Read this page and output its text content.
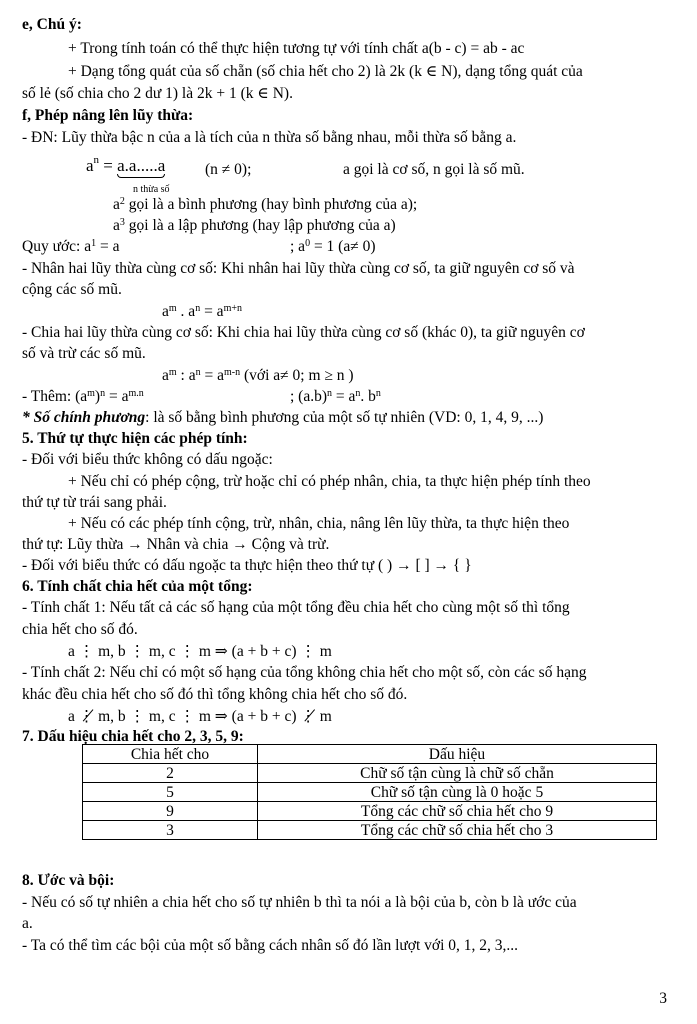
e, Chú ý:
+ Trong tính toán có thể thực hiện tương tự với tính chất a(b - c) = ab - ac
+ Dạng tổng quát của số chẵn (số chia hết cho 2) là 2k (k ∈ N), dạng tổng quát của
số lẻ (số chia cho 2 dư 1) là 2k + 1 (k ∈ N).
f, Phép nâng lên lũy thừa:
- ĐN: Lũy thừa bậc n của a là tích của n thừa số bằng nhau, mỗi thừa số bằng a.
$a^n = a.a.....a$
n thừa số
(n ≠ 0);	a gọi là cơ số, n gọi là số mũ.
$a^2$ gọi là a bình phương (hay bình phương của a);
$a^3$ gọi là a lập phương (hay lập phương của a)
Quy ước: $a^1 = a$	; $a^0 = 1$ (a≠ 0)
- Nhân hai lũy thừa cùng cơ số: Khi nhân hai lũy thừa cùng cơ số, ta giữ nguyên cơ số và
cộng các số mũ.
$a^m$ . $a^n = a^{m+n}$
- Chia hai lũy thừa cùng cơ số: Khi chia hai lũy thừa cùng cơ số (khác 0), ta giữ nguyên cơ
số và trừ các số mũ.
$a^m$ : $a^n = a^{m-n}$ (với a≠ 0; m ≥ n )
- Thêm: $(a^m)^n = a^{m.n}$	; $(a.b)^n = a^n$. $b^n$
* Số chính phương: là số bằng bình phương của một số tự nhiên (VD: 0, 1, 4, 9, ...)
5. Thứ tự thực hiện các phép tính:
- Đối với biểu thức không có dấu ngoặc:
+ Nếu chỉ có phép cộng, trừ hoặc chỉ có phép nhân, chia, ta thực hiện phép tính theo
thứ tự từ trái sang phải.
+ Nếu có các phép tính cộng, trừ, nhân, chia, nâng lên lũy thừa, ta thực hiện theo
thứ tự: Lũy thừa → Nhân và chia → Cộng và trừ.
- Đối với biểu thức có dấu ngoặc ta thực hiện theo thứ tự ( ) → [ ] → { }
6. Tính chất chia hết của một tổng:
- Tính chất 1: Nếu tất cả các số hạng của một tổng đều chia hết cho cùng một số thì tổng
chia hết cho số đó.
a ⋮ m, b ⋮ m, c ⋮ m ⇒ (a + b + c) ⋮ m
- Tính chất 2: Nếu chỉ có một số hạng của tổng không chia hết cho một số, còn các số hạng
khác đều chia hết cho số đó thì tổng không chia hết cho số đó.
a ⋮̸ m, b ⋮ m, c ⋮ m ⇒ (a + b + c) ⋮̸ m
7. Dấu hiệu chia hết cho 2, 3, 5, 9:
Chia hết cho	Dấu hiệu
2	Chữ số tận cùng là chữ số chẵn
5	Chữ số tận cùng là 0 hoặc 5
9	Tổng các chữ số chia hết cho 9
3	Tổng các chữ số chia hết cho 3
8. Ước và bội:
- Nếu có số tự nhiên a chia hết cho số tự nhiên b thì ta nói a là bội của b, còn b là ước của
a.
- Ta có thể tìm các bội của một số bằng cách nhân số đó lần lượt với 0, 1, 2, 3,...
3
